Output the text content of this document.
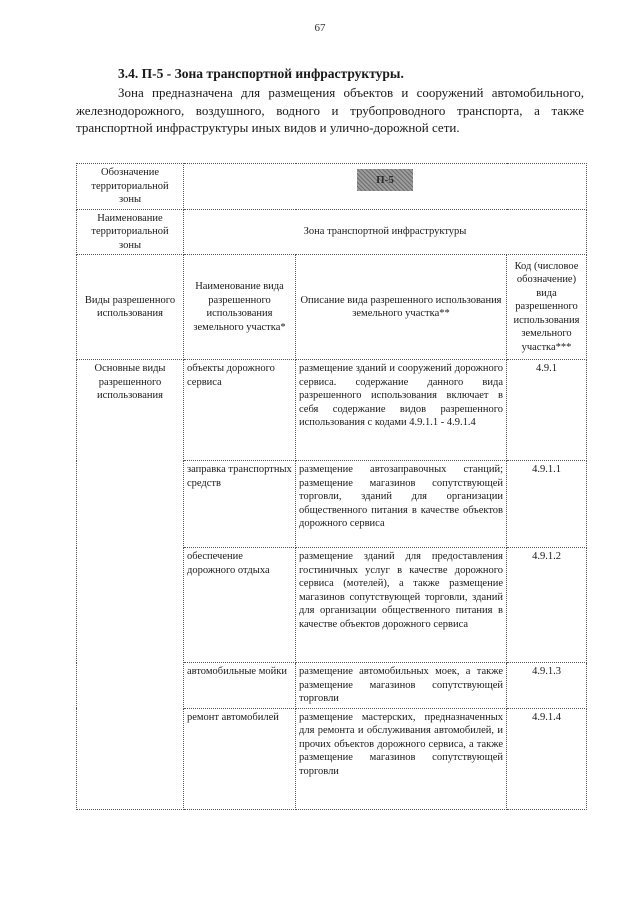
67
3.4. П-5 - Зона транспортной инфраструктуры.
Зона предназначена для размещения объектов и сооружений автомобильного, железнодорожного, воздушного, водного и трубопроводного транспорта, а также транспортной инфраструктуры иных видов и улично-дорожной сети.
Обозначение территориальной зоны	П-5		
Наименование территориальной зоны	Зона транспортной инфраструктуры		
Виды разрешенного использования	Наименование вида разрешенного использования земельного участка*	Описание вида разрешенного использования земельного участка**	Код (числовое обозначение) вида разрешенного использования земельного участка***
Основные виды разрешенного использования	объекты дорожного сервиса	размещение зданий и сооружений дорожного сервиса. содержание данного вида разрешенного использования включает в себя содержание видов разрешенного использования с кодами 4.9.1.1 - 4.9.1.4	4.9.1
	заправка транспортных средств	размещение автозаправочных станций; размещение магазинов сопутствующей торговли, зданий для организации общественного питания в качестве объектов дорожного сервиса	4.9.1.1
	обеспечение дорожного отдыха	размещение зданий для предоставления гостиничных услуг в качестве дорожного сервиса (мотелей), а также размещение магазинов сопутствующей торговли, зданий для организации общественного питания в качестве объектов дорожного сервиса	4.9.1.2
	автомобильные мойки	размещение автомобильных моек, а также размещение магазинов сопутствующей торговли	4.9.1.3
	ремонт автомобилей	размещение мастерских, предназначенных для ремонта и обслуживания автомобилей, и прочих объектов дорожного сервиса, а также размещение магазинов сопутствующей торговли	4.9.1.4
